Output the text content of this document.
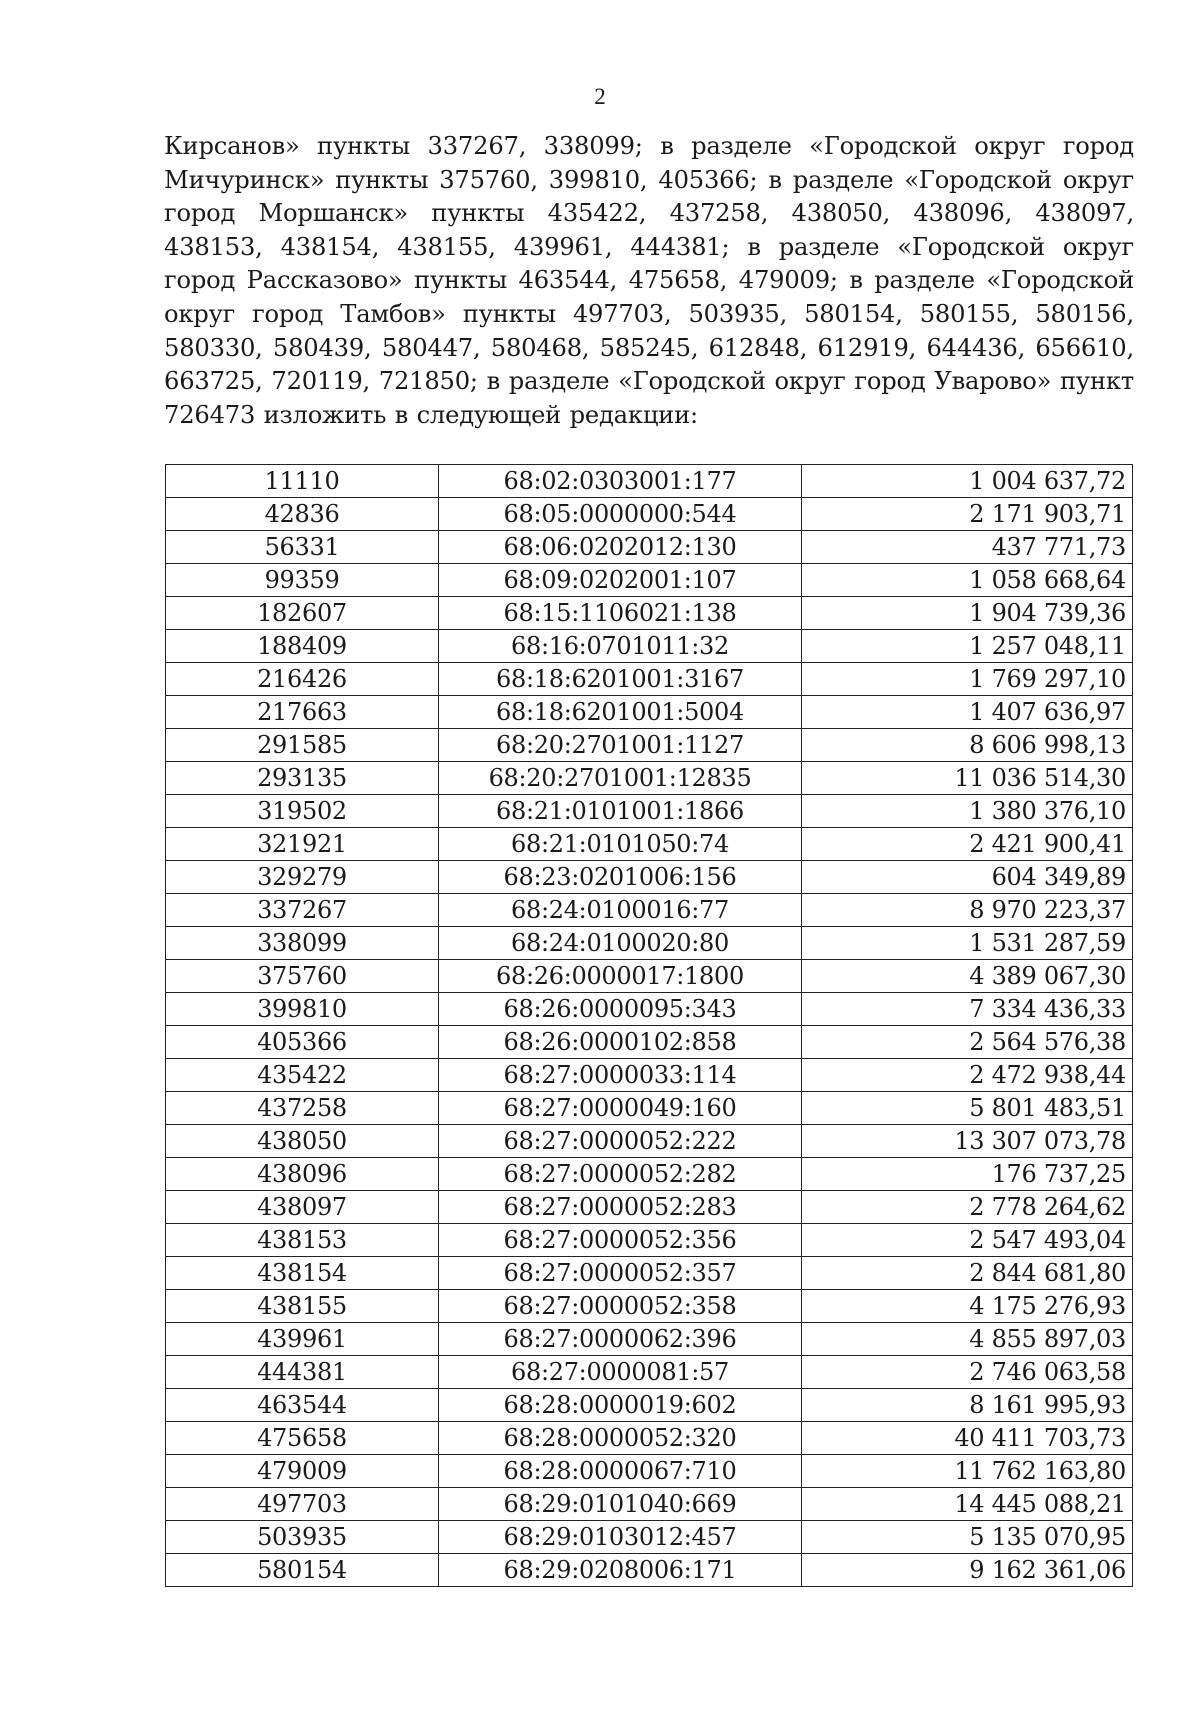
2

Кирсанов» пункты 337267, 338099; в разделе «Городской округ город Мичуринск» пункты 375760, 399810, 405366; в разделе «Городской округ город Моршанск» пункты 435422, 437258, 438050, 438096, 438097, 438153, 438154, 438155, 439961, 444381; в разделе «Городской округ город Рассказово» пункты 463544, 475658, 479009; в разделе «Городской округ город Тамбов» пункты 497703, 503935, 580154, 580155, 580156, 580330, 580439, 580447, 580468, 585245, 612848, 612919, 644436, 656610, 663725, 720119, 721850; в разделе «Городской округ город Уварово» пункт 726473 изложить в следующей редакции:

11110	68:02:0303001:177	1 004 637,72
42836	68:05:0000000:544	2 171 903,71
56331	68:06:0202012:130	437 771,73
99359	68:09:0202001:107	1 058 668,64
182607	68:15:1106021:138	1 904 739,36
188409	68:16:0701011:32	1 257 048,11
216426	68:18:6201001:3167	1 769 297,10
217663	68:18:6201001:5004	1 407 636,97
291585	68:20:2701001:1127	8 606 998,13
293135	68:20:2701001:12835	11 036 514,30
319502	68:21:0101001:1866	1 380 376,10
321921	68:21:0101050:74	2 421 900,41
329279	68:23:0201006:156	604 349,89
337267	68:24:0100016:77	8 970 223,37
338099	68:24:0100020:80	1 531 287,59
375760	68:26:0000017:1800	4 389 067,30
399810	68:26:0000095:343	7 334 436,33
405366	68:26:0000102:858	2 564 576,38
435422	68:27:0000033:114	2 472 938,44
437258	68:27:0000049:160	5 801 483,51
438050	68:27:0000052:222	13 307 073,78
438096	68:27:0000052:282	176 737,25
438097	68:27:0000052:283	2 778 264,62
438153	68:27:0000052:356	2 547 493,04
438154	68:27:0000052:357	2 844 681,80
438155	68:27:0000052:358	4 175 276,93
439961	68:27:0000062:396	4 855 897,03
444381	68:27:0000081:57	2 746 063,58
463544	68:28:0000019:602	8 161 995,93
475658	68:28:0000052:320	40 411 703,73
479009	68:28:0000067:710	11 762 163,80
497703	68:29:0101040:669	14 445 088,21
503935	68:29:0103012:457	5 135 070,95
580154	68:29:0208006:171	9 162 361,06
